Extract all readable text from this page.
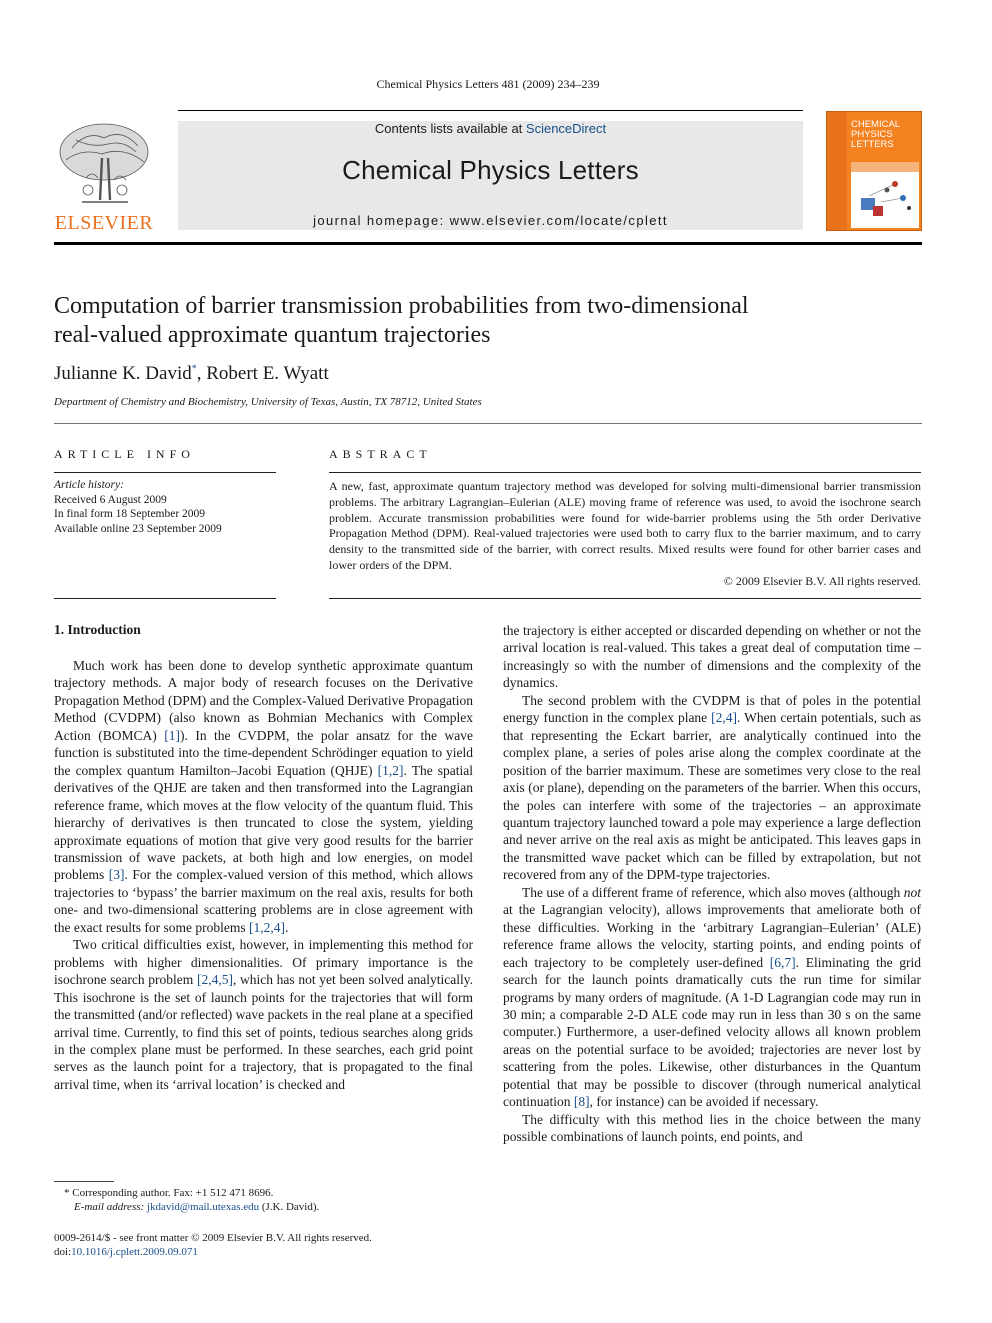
Chemical Physics Letters 481 (2009) 234–239
ELSEVIER
Contents lists available at ScienceDirect
Chemical Physics Letters
journal homepage: www.elsevier.com/locate/cplett
CHEMICAL
PHYSICS
LETTERS
Computation of barrier transmission probabilities from two-dimensional
real-valued approximate quantum trajectories
Julianne K. David*, Robert E. Wyatt
Department of Chemistry and Biochemistry, University of Texas, Austin, TX 78712, United States
ARTICLE INFO	ABSTRACT
Article history:
Received 6 August 2009
In final form 18 September 2009
Available online 23 September 2009
A new, fast, approximate quantum trajectory method was developed for solving multi-dimensional barrier transmission problems. The arbitrary Lagrangian–Eulerian (ALE) moving frame of reference was used, to avoid the isochrone search problem. Accurate transmission probabilities were found for wide-barrier problems using the 5th order Derivative Propagation Method (DPM). Real-valued trajectories were used both to carry flux to the barrier maximum, and to carry density to the transmitted side of the barrier, with correct results. Mixed results were found for other barrier cases and lower orders of the DPM.
© 2009 Elsevier B.V. All rights reserved.
1. Introduction

Much work has been done to develop synthetic approximate quantum trajectory methods. A major body of research focuses on the Derivative Propagation Method (DPM) and the Complex-Valued Derivative Propagation Method (CVDPM) (also known as Bohmian Mechanics with Complex Action (BOMCA) [1]). In the CVDPM, the polar ansatz for the wave function is substituted into the time-dependent Schrödinger equation to yield the complex quantum Hamilton–Jacobi Equation (QHJE) [1,2]. The spatial derivatives of the QHJE are taken and then transformed into the Lagrangian reference frame, which moves at the flow velocity of the quantum fluid. This hierarchy of derivatives is then truncated to close the system, yielding approximate equations of motion that give very good results for the barrier transmission of wave packets, at both high and low energies, on model problems [3]. For the complex-valued version of this method, which allows trajectories to ‘bypass’ the barrier maximum on the real axis, results for both one- and two-dimensional scattering problems are in close agreement with the exact results for some problems [1,2,4].

Two critical difficulties exist, however, in implementing this method for problems with higher dimensionalities. Of primary importance is the isochrone search problem [2,4,5], which has not yet been solved analytically. This isochrone is the set of launch points for the trajectories that will form the transmitted (and/or reflected) wave packets in the real plane at a specified arrival time. Currently, to find this set of points, tedious searches along grids in the complex plane must be performed. In these searches, each grid point serves as the launch point for a trajectory, that is propagated to the final arrival time, when its ‘arrival location’ is checked and

the trajectory is either accepted or discarded depending on whether or not the arrival location is real-valued. This takes a great deal of computation time – increasingly so with the number of dimensions and the complexity of the dynamics.

The second problem with the CVDPM is that of poles in the potential energy function in the complex plane [2,4]. When certain potentials, such as that representing the Eckart barrier, are analytically continued into the complex plane, a series of poles arise along the complex coordinate at the position of the barrier maximum. These are sometimes very close to the real axis (or plane), depending on the parameters of the barrier. When this occurs, the poles can interfere with some of the trajectories – an approximate quantum trajectory launched toward a pole may experience a large deflection and never arrive on the real axis as might be anticipated. This leaves gaps in the transmitted wave packet which can be filled by extrapolation, but not recovered from any of the DPM-type trajectories.

The use of a different frame of reference, which also moves (although not at the Lagrangian velocity), allows improvements that ameliorate both of these difficulties. Working in the ‘arbitrary Lagrangian–Eulerian’ (ALE) reference frame allows the velocity, starting points, and ending points of each trajectory to be completely user-defined [6,7]. Eliminating the grid search for the launch points dramatically cuts the run time for similar programs by many orders of magnitude. (A 1-D Lagrangian code may run in 30 min; a comparable 2-D ALE code may run in less than 30 s on the same computer.) Furthermore, a user-defined velocity allows all known problem areas on the potential surface to be avoided; trajectories are never lost by scattering from the poles. Likewise, other disturbances in the Quantum potential that may be possible to discover (through numerical analytical continuation [8], for instance) can be avoided if necessary.

The difficulty with this method lies in the choice between the many possible combinations of launch points, end points, and

* Corresponding author. Fax: +1 512 471 8696.
E-mail address: jkdavid@mail.utexas.edu (J.K. David).
0009-2614/$ - see front matter © 2009 Elsevier B.V. All rights reserved.
doi:10.1016/j.cplett.2009.09.071
